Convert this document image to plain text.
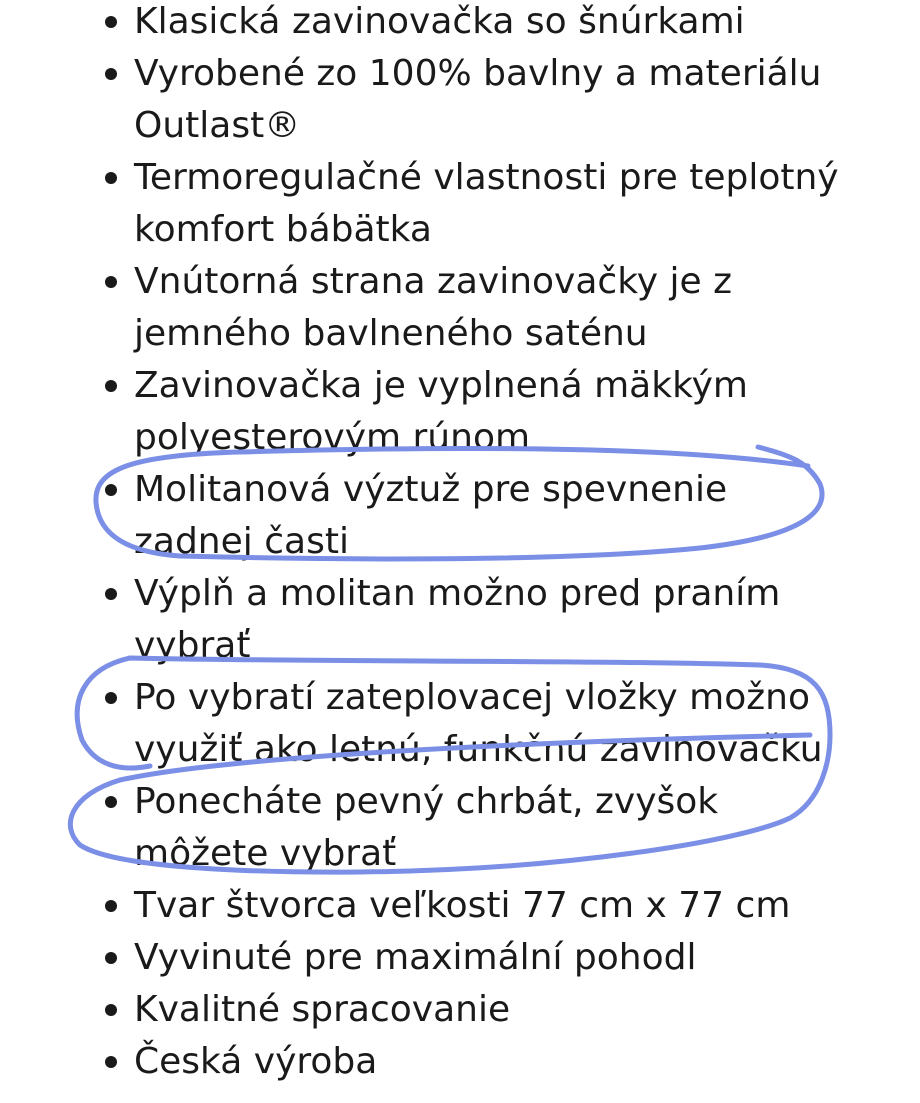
Klasická zavinovačka so šnúrkami
Vyrobené zo 100% bavlny a materiálu
Outlast®
Termoregulačné vlastnosti pre teplotný
komfort bábätka
Vnútorná strana zavinovačky je z
jemného bavlneného saténu
Zavinovačka je vyplnená mäkkým
polyesterovým rúnom
Molitanová výztuž pre spevnenie
zadnej časti
Výplň a molitan možno pred praním
vybrať
Po vybratí zateplovacej vložky možno
využiť ako letnú, funkčnú zavinovačku
Ponecháte pevný chrbát, zvyšok
môžete vybrať
Tvar štvorca veľkosti 77 cm x 77 cm
Vyvinuté pre maximální pohodl
Kvalitné spracovanie
Česká výroba
